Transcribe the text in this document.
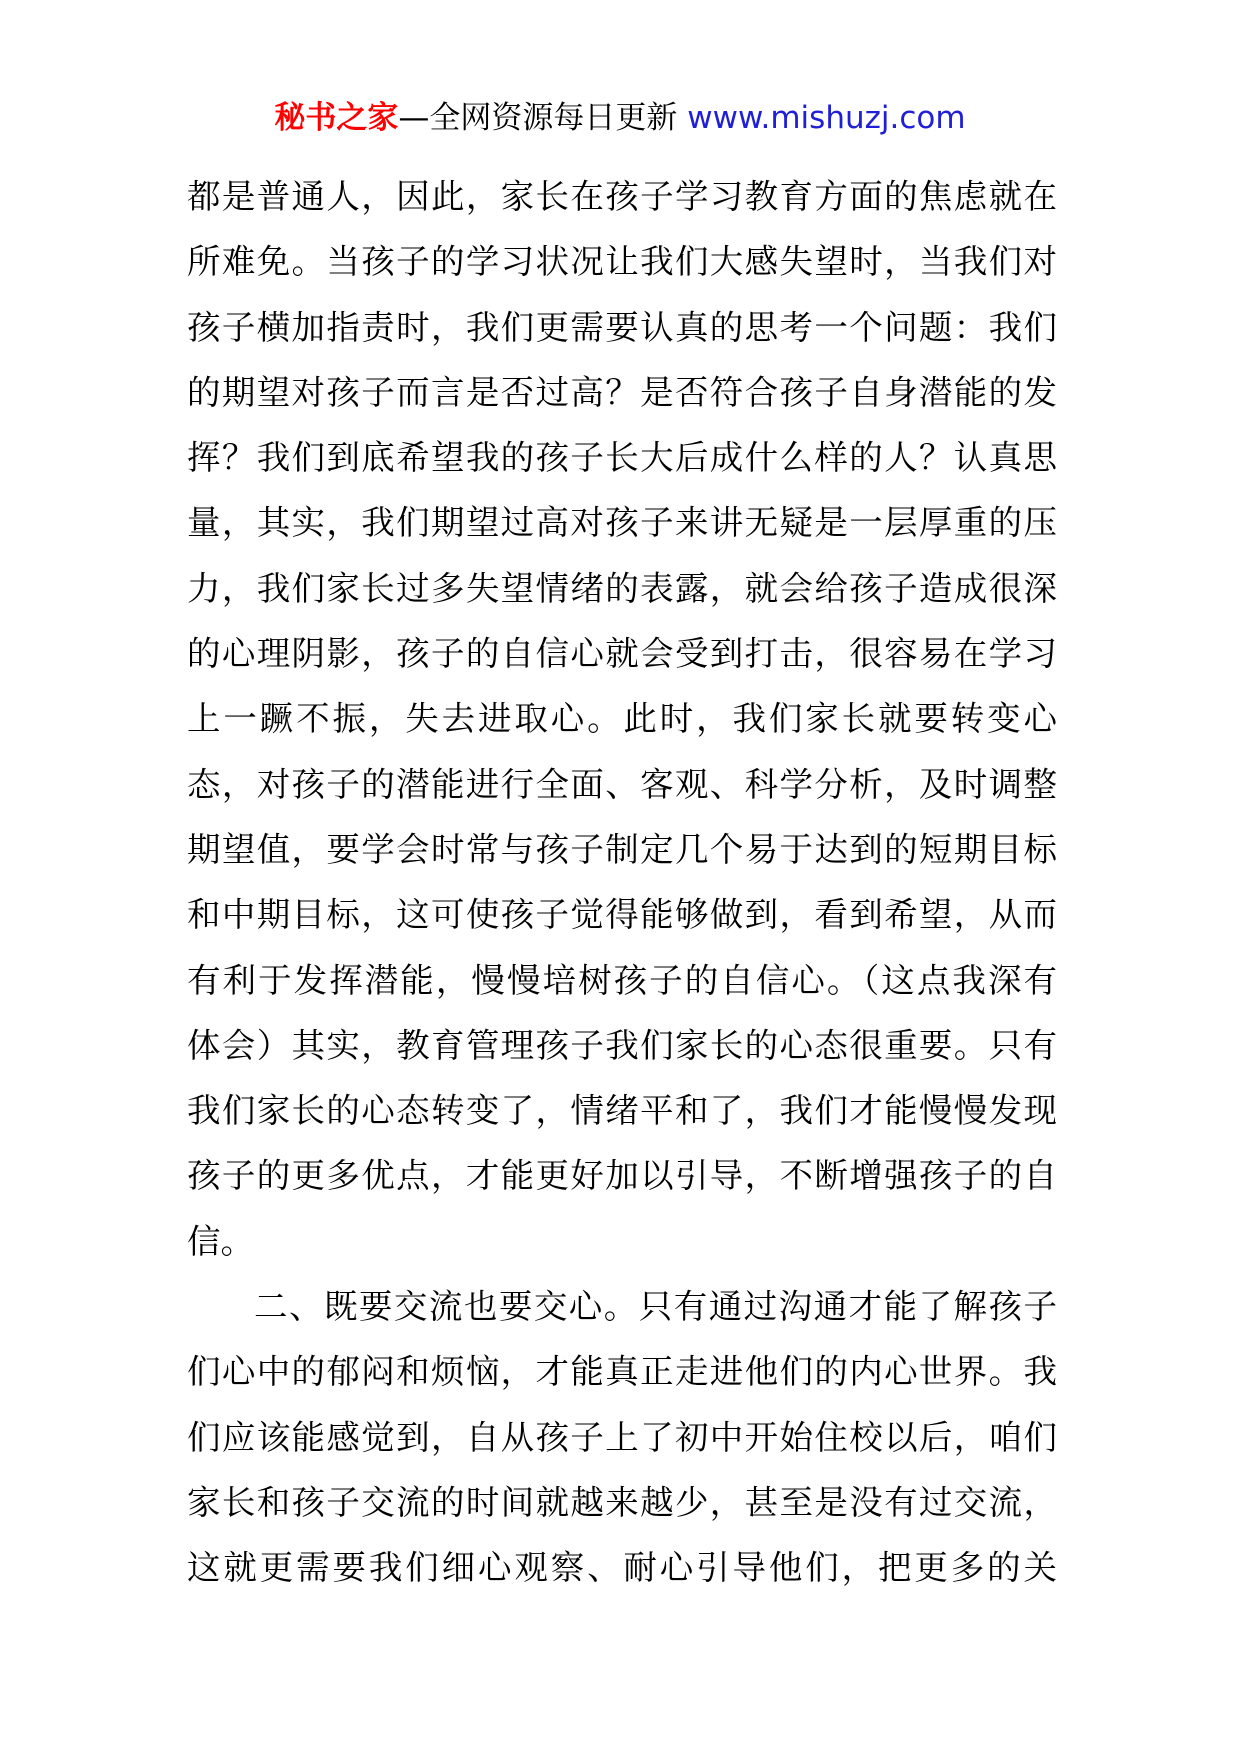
秘书之家—全网资源每日更新 www.mishuzj.com
都是普通人，因此，家长在孩子学习教育方面的焦虑就在
所难免。当孩子的学习状况让我们大感失望时，当我们对
孩子横加指责时，我们更需要认真的思考一个问题：我们
的期望对孩子而言是否过高？是否符合孩子自身潜能的发
挥？我们到底希望我的孩子长大后成什么样的人？认真思
量，其实，我们期望过高对孩子来讲无疑是一层厚重的压
力，我们家长过多失望情绪的表露，就会给孩子造成很深
的心理阴影，孩子的自信心就会受到打击，很容易在学习
上一蹶不振，失去进取心。此时，我们家长就要转变心
态，对孩子的潜能进行全面、客观、科学分析，及时调整
期望值，要学会时常与孩子制定几个易于达到的短期目标
和中期目标，这可使孩子觉得能够做到，看到希望，从而
有利于发挥潜能，慢慢培树孩子的自信心。（这点我深有
体会）其实，教育管理孩子我们家长的心态很重要。只有
我们家长的心态转变了，情绪平和了，我们才能慢慢发现
孩子的更多优点，才能更好加以引导，不断增强孩子的自
信。
二、既要交流也要交心。只有通过沟通才能了解孩子
们心中的郁闷和烦恼，才能真正走进他们的内心世界。我
们应该能感觉到，自从孩子上了初中开始住校以后，咱们
家长和孩子交流的时间就越来越少，甚至是没有过交流，
这就更需要我们细心观察、耐心引导他们，把更多的关
